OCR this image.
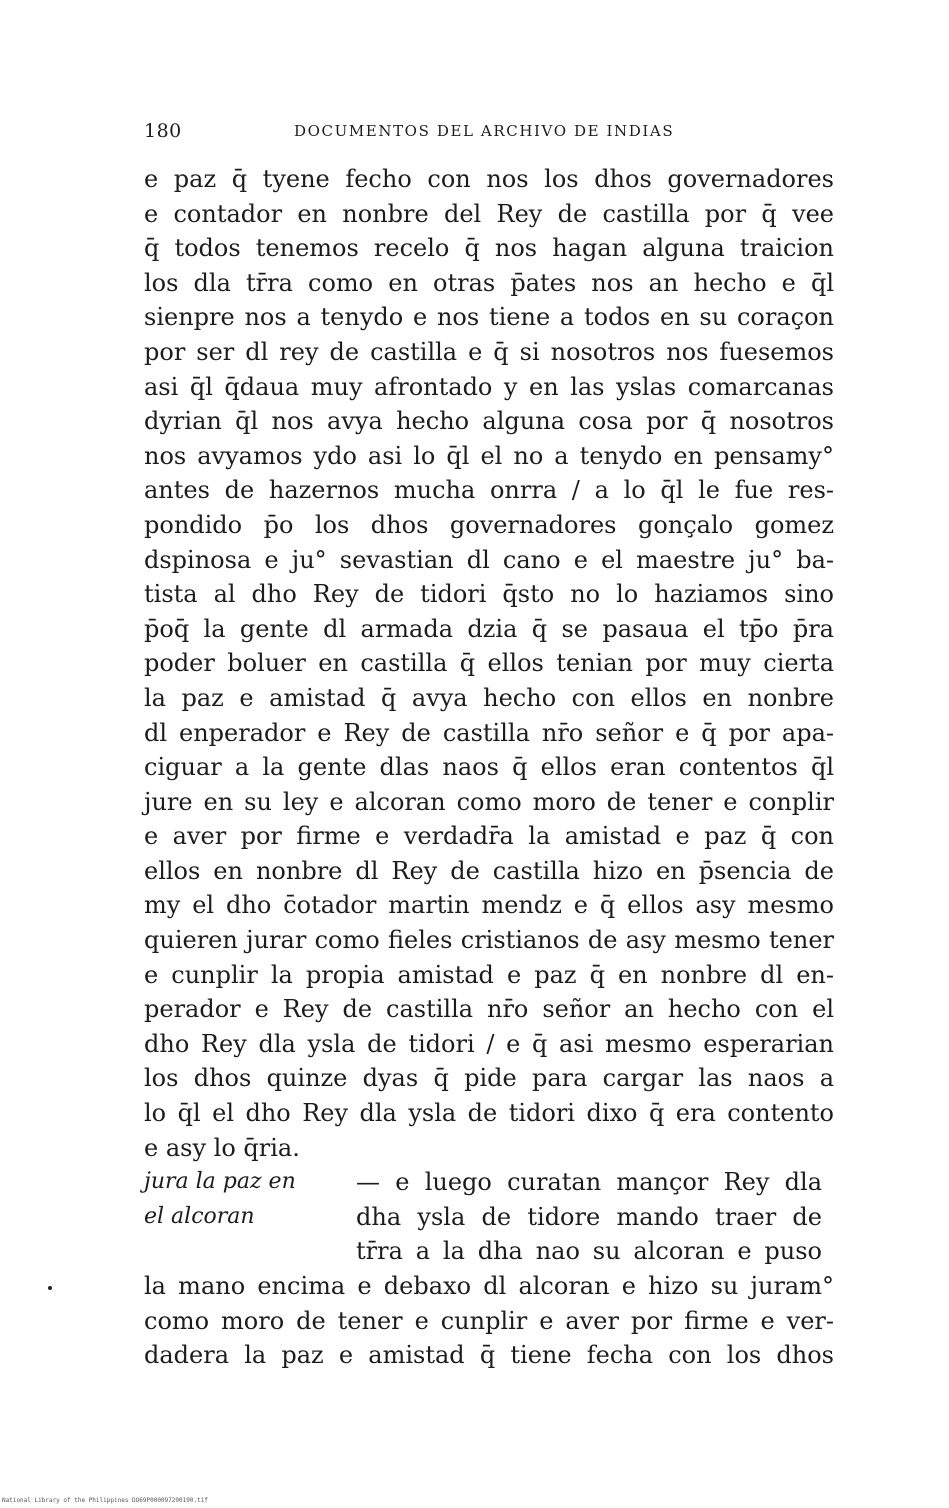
180	DOCUMENTOS DEL ARCHIVO DE INDIAS
e paz q̄ tyene fecho con nos los dhos governadores
e contador en nonbre del Rey de castilla por q̄ vee
q̄ todos tenemos recelo q̄ nos hagan alguna traicion
los dla tr̄ra como en otras p̄ates nos an hecho e q̄l
sienpre nos a tenydo e nos tiene a todos en su coraçon
por ser dl rey de castilla e q̄ si nosotros nos fuesemos
asi q̄l q̄daua muy afrontado y en las yslas comarcanas
dyrian q̄l nos avya hecho alguna cosa por q̄ nosotros
nos avyamos ydo asi lo q̄l el no a tenydo en pensamy°
antes de hazernos mucha onrra / a lo q̄l le fue res-
pondido p̄o los dhos governadores gonçalo gomez
dspinosa e ju° sevastian dl cano e el maestre ju° ba-
tista al dho Rey de tidori q̄sto no lo haziamos sino
p̄oq̄ la gente dl armada dzia q̄ se pasaua el tp̄o p̄ra
poder boluer en castilla q̄ ellos tenian por muy cierta
la paz e amistad q̄ avya hecho con ellos en nonbre
dl enperador e Rey de castilla nr̄o señor e q̄ por apa-
ciguar a la gente dlas naos q̄ ellos eran contentos q̄l
jure en su ley e alcoran como moro de tener e conplir
e aver por firme e verdadr̄a la amistad e paz q̄ con
ellos en nonbre dl Rey de castilla hizo en p̄sencia de
my el dho c̄otador martin mendz e q̄ ellos asy mesmo
quieren jurar como fieles cristianos de asy mesmo tener
e cunplir la propia amistad e paz q̄ en nonbre dl en-
perador e Rey de castilla nr̄o señor an hecho con el
dho Rey dla ysla de tidori / e q̄ asi mesmo esperarian
los dhos quinze dyas q̄ pide para cargar las naos a
lo q̄l el dho Rey dla ysla de tidori dixo q̄ era contento
e asy lo q̄ria.
jura la paz en
el alcoran
— e luego curatan mançor Rey dla
dha ysla de tidore mando traer de
tr̄ra a la dha nao su alcoran e puso
la mano encima e debaxo dl alcoran e hizo su juram°
como moro de tener e cunplir e aver por firme e ver-
dadera la paz e amistad q̄ tiene fecha con los dhos
National Library of the Philippines DO69P000097290190.tif
